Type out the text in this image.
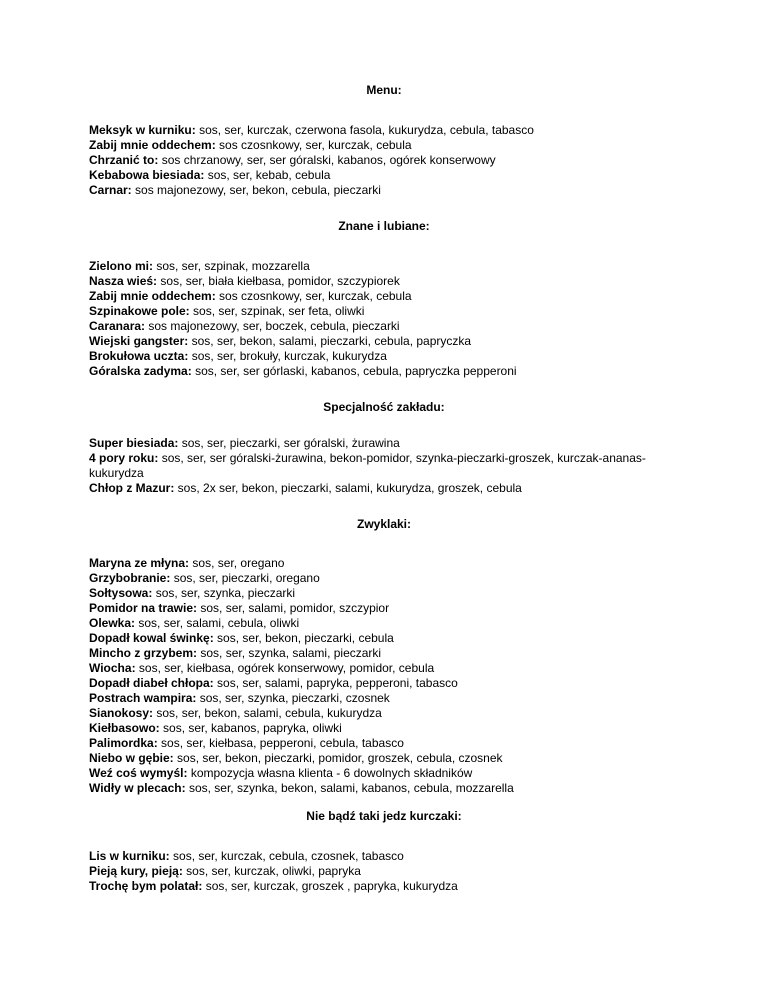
Menu:

Meksyk w kurniku: sos, ser, kurczak, czerwona fasola, kukurydza, cebula, tabasco

Zabij mnie oddechem: sos czosnkowy, ser, kurczak, cebula

Chrzanić to: sos chrzanowy, ser, ser góralski, kabanos, ogórek konserwowy

Kebabowa biesiada: sos, ser, kebab, cebula

Carnar: sos majonezowy, ser, bekon, cebula, pieczarki

Znane i lubiane:

Zielono mi: sos, ser, szpinak, mozzarella

Nasza wieś: sos, ser, biała kiełbasa, pomidor, szczypiorek

Zabij mnie oddechem: sos czosnkowy, ser, kurczak, cebula

Szpinakowe pole: sos, ser, szpinak, ser feta, oliwki

Caranara: sos majonezowy, ser, boczek, cebula, pieczarki

Wiejski gangster: sos, ser, bekon, salami, pieczarki, cebula, papryczka

Brokułowa uczta: sos, ser, brokuły, kurczak, kukurydza

Góralska zadyma: sos, ser, ser górlaski, kabanos, cebula, papryczka pepperoni

Specjalność zakładu:

Super biesiada: sos, ser, pieczarki, ser góralski, żurawina

4 pory roku: sos, ser, ser góralski-żurawina, bekon-pomidor, szynka-pieczarki-groszek, kurczak-ananas-kukurydza

Chłop z Mazur: sos, 2x ser, bekon, pieczarki, salami, kukurydza, groszek, cebula

Zwyklaki:

Maryna ze młyna: sos, ser, oregano

Grzybobranie: sos, ser, pieczarki, oregano

Sołtysowa: sos, ser, szynka, pieczarki

Pomidor na trawie: sos, ser, salami, pomidor, szczypior

Olewka: sos, ser, salami, cebula, oliwki

Dopadł kowal świnkę: sos, ser, bekon, pieczarki, cebula

Mincho z grzybem: sos, ser, szynka, salami, pieczarki

Wiocha: sos, ser, kiełbasa, ogórek konserwowy, pomidor, cebula

Dopadł diabeł chłopa: sos, ser, salami, papryka, pepperoni, tabasco

Postrach wampira: sos, ser, szynka, pieczarki, czosnek

Sianokosy: sos, ser, bekon, salami, cebula, kukurydza

Kiełbasowo: sos, ser, kabanos, papryka, oliwki

Palimordka: sos, ser, kiełbasa, pepperoni, cebula, tabasco

Niebo w gębie: sos, ser, bekon, pieczarki, pomidor, groszek, cebula, czosnek

Weź coś wymyśl: kompozycja własna klienta - 6 dowolnych składników

Widły w plecach: sos, ser, szynka, bekon, salami, kabanos, cebula, mozzarella

Nie bądź taki jedz kurczaki:

Lis w kurniku: sos, ser, kurczak, cebula, czosnek, tabasco

Pieją kury, pieją: sos, ser, kurczak, oliwki, papryka

Trochę bym polatał: sos, ser, kurczak, groszek , papryka, kukurydza
